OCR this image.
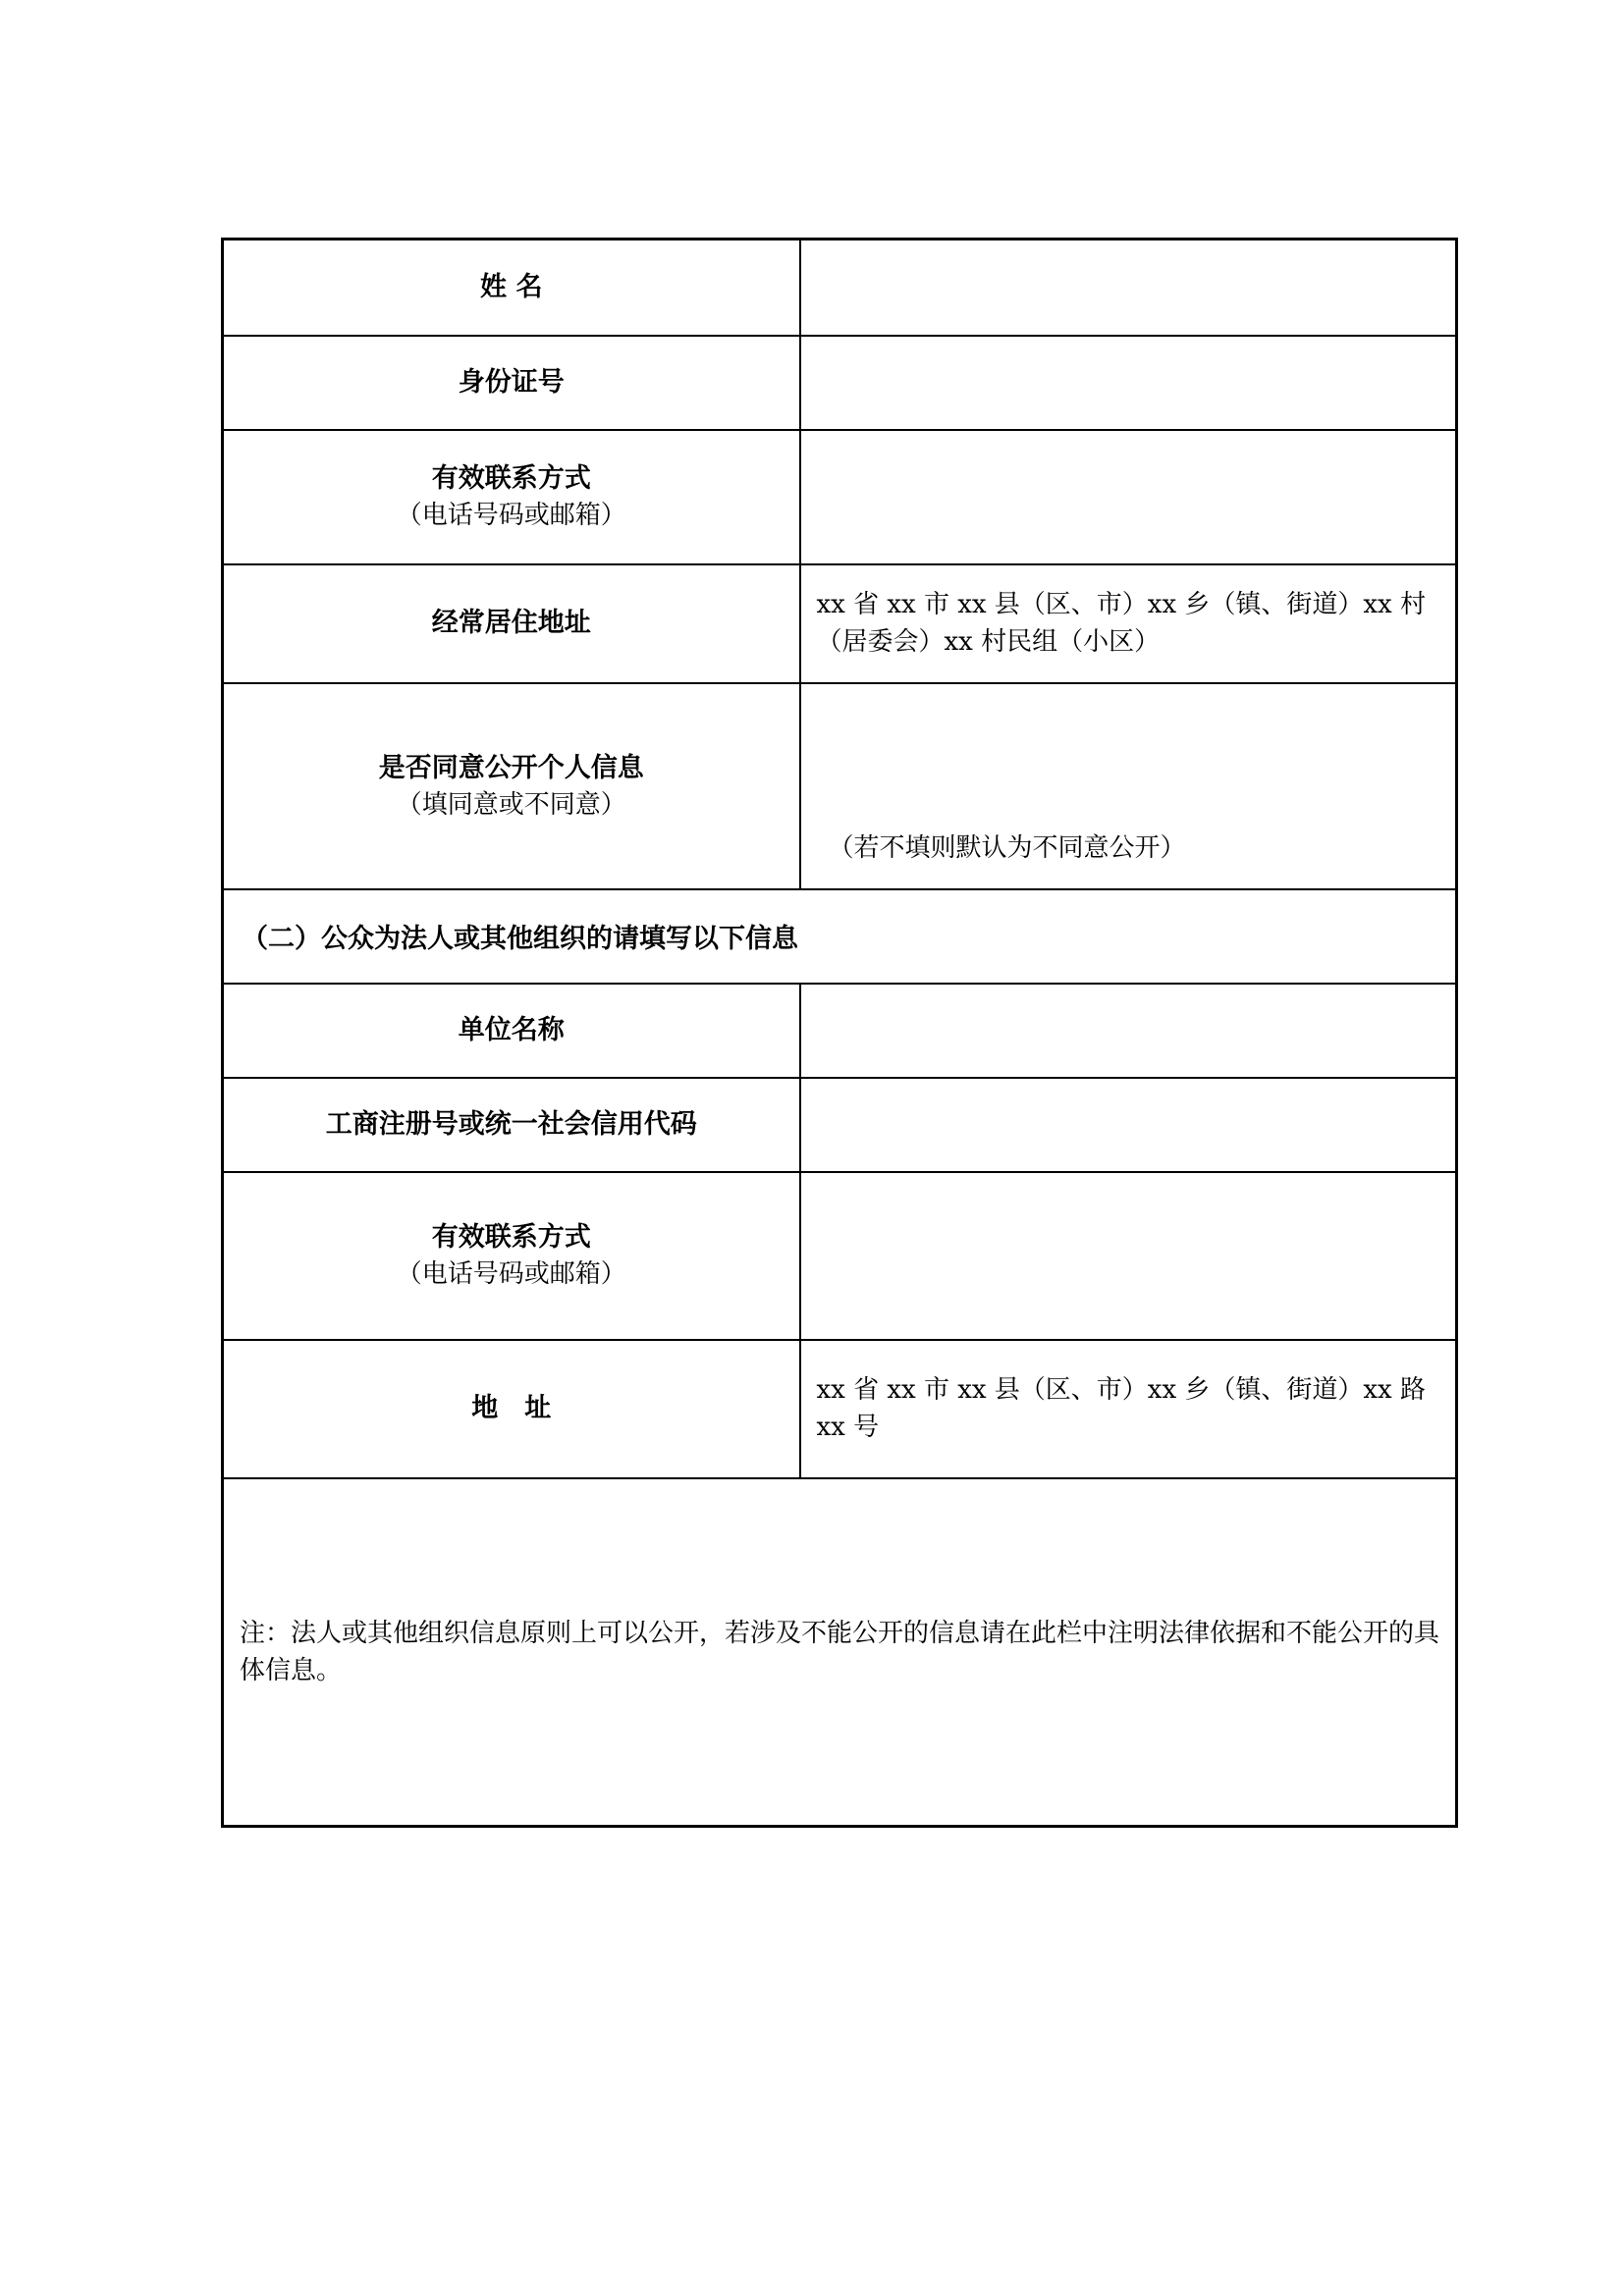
姓 名	

身份证号	

有效联系方式
（电话号码或邮箱）	

经常居住地址	xx 省 xx 市 xx 县（区、市）xx 乡（镇、街道）xx 村（居委会）xx 村民组（小区）

是否同意公开个人信息
（填同意或不同意）	（若不填则默认为不同意公开）
（二）公众为法人或其他组织的请填写以下信息	

单位名称	

工商注册号或统一社会信用代码	

有效联系方式
（电话号码或邮箱）	

地　址	xx 省 xx 市 xx 县（区、市）xx 乡（镇、街道）xx 路 xx 号
注：法人或其他组织信息原则上可以公开，若涉及不能公开的信息请在此栏中注明法律依据和不能公开的具体信息。	
